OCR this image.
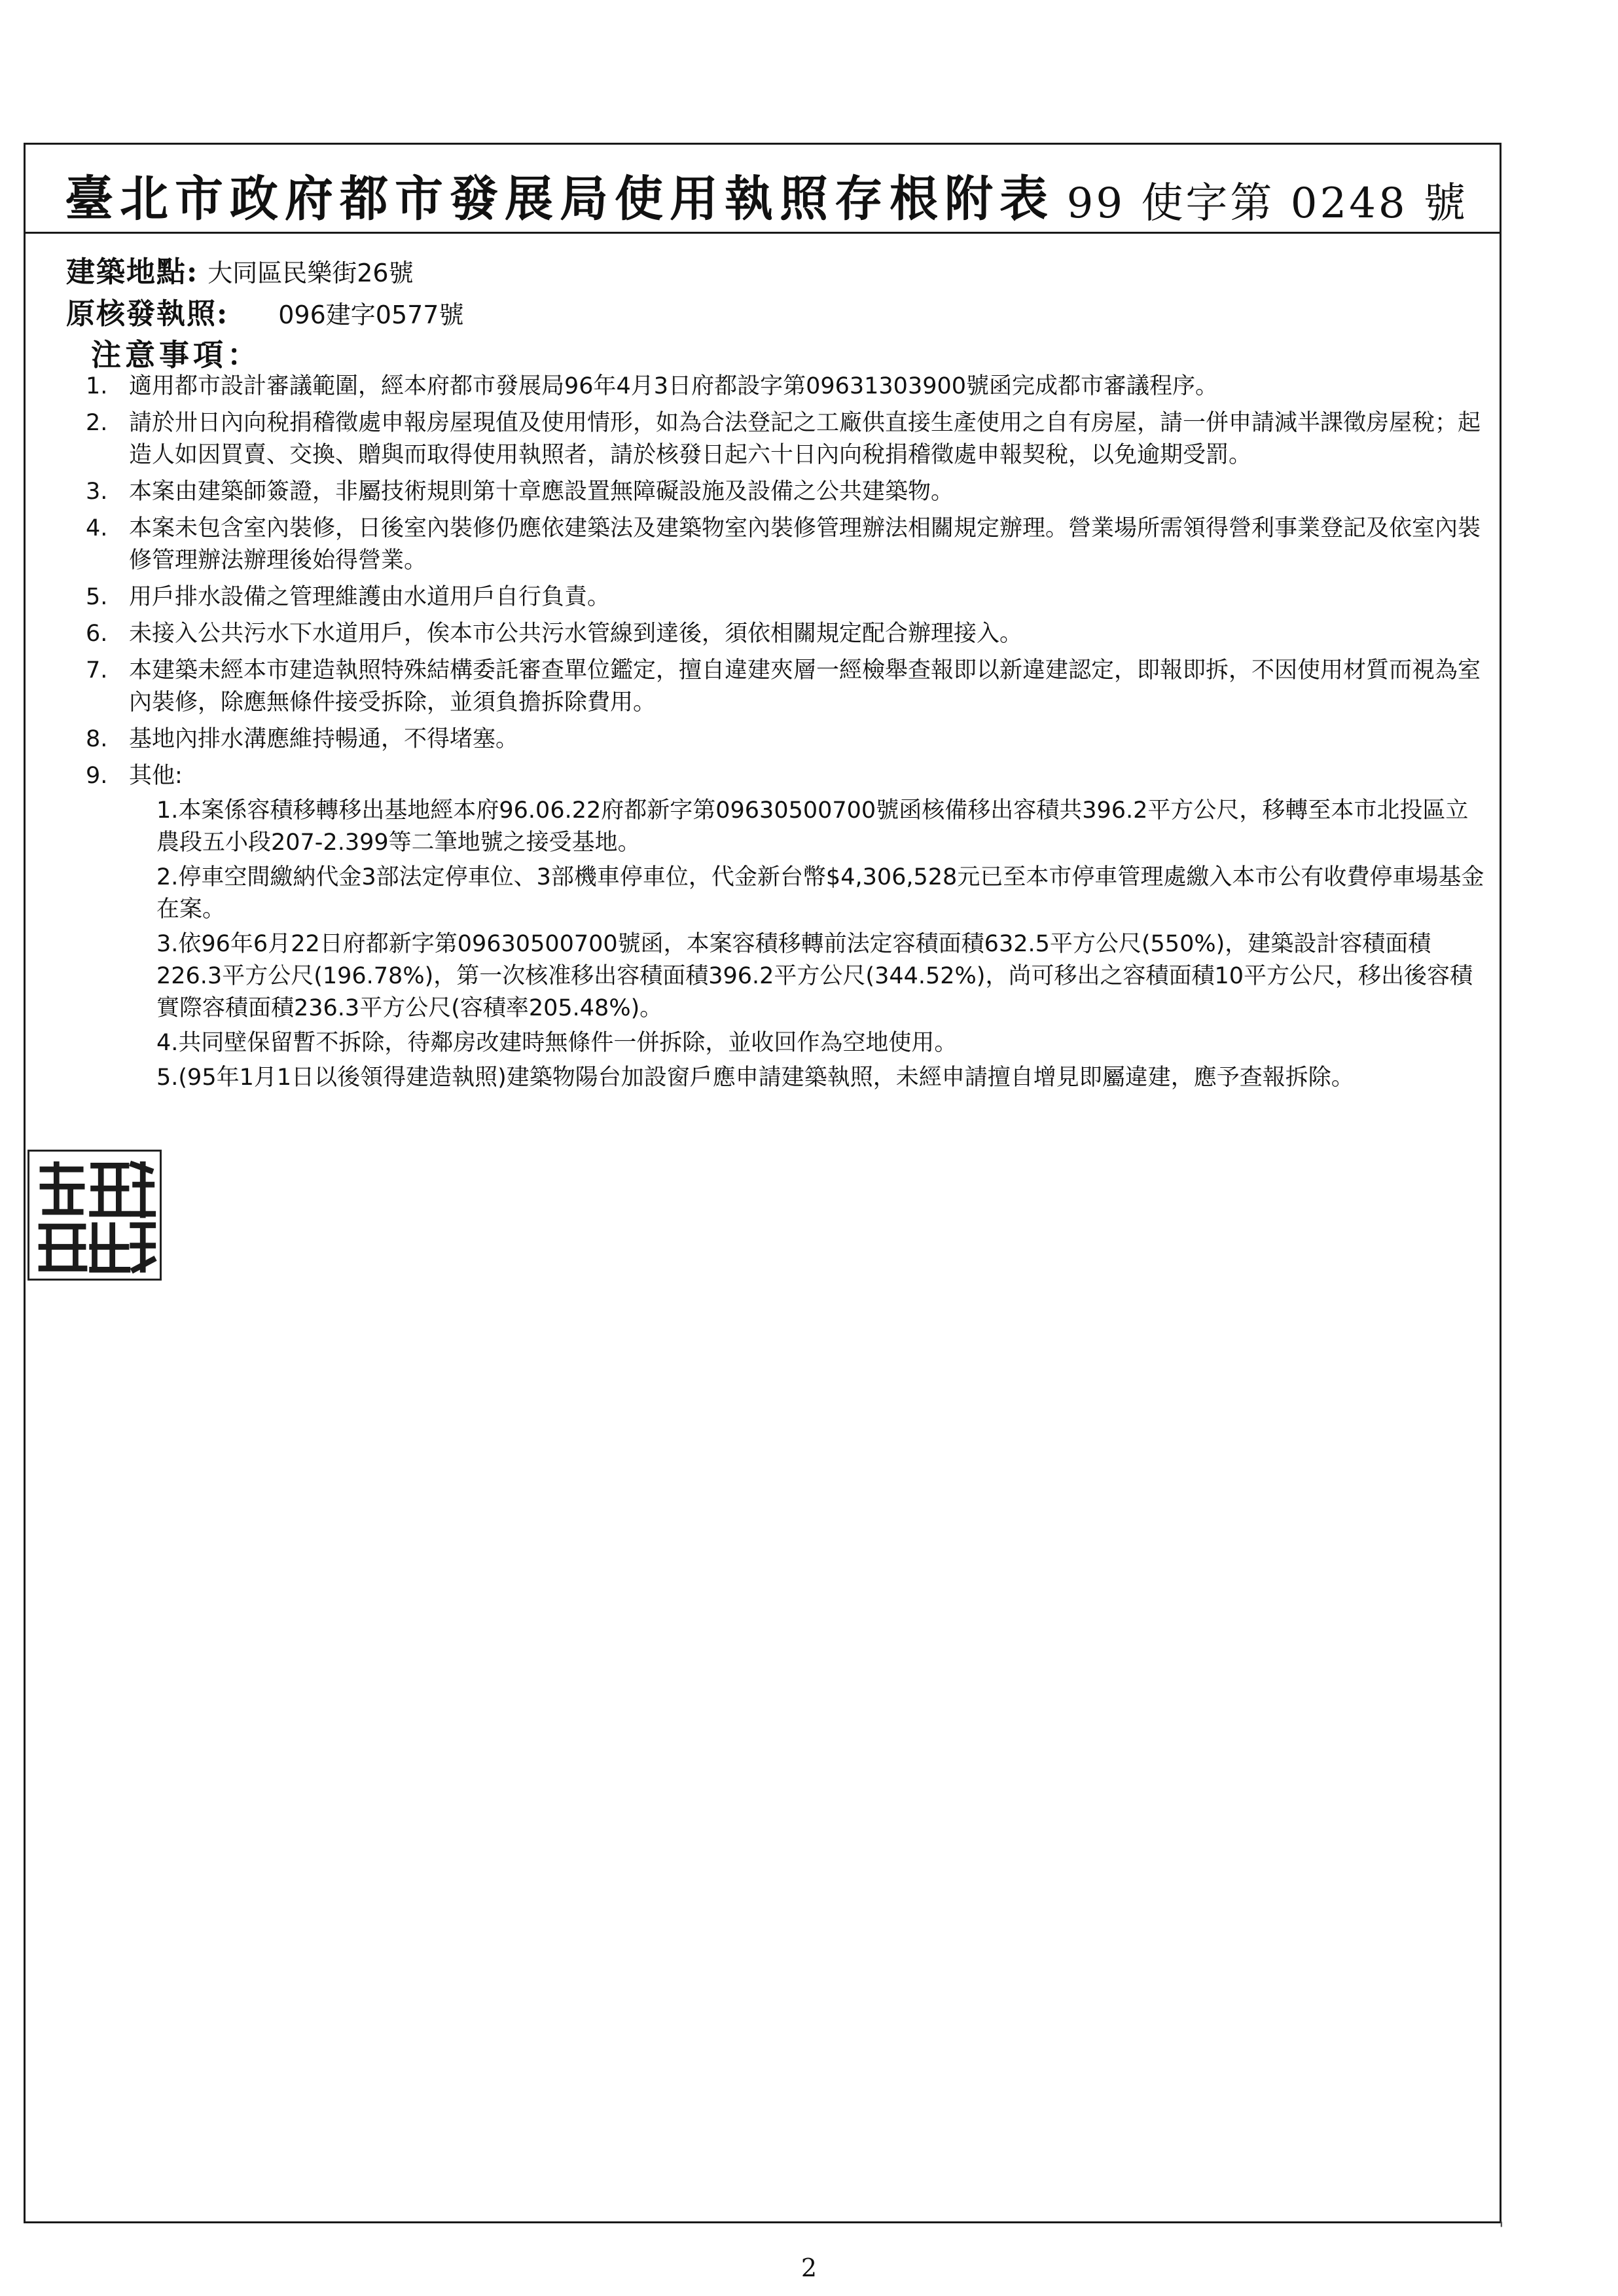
臺北市政府都市發展局使用執照存根附表 99 使字第 0248 號
建築地點: 大同區民樂街26號
原核發執照: 096建字0577號
注意事項：
1. 適用都市設計審議範圍，經本府都市發展局96年4月3日府都設字第09631303900號函完成都市審議程序。
2. 請於卅日內向稅捐稽徵處申報房屋現值及使用情形，如為合法登記之工廠供直接生產使用之自有房屋，請一併申請減半課徵房屋稅；起造人如因買賣、交換、贈與而取得使用執照者，請於核發日起六十日內向稅捐稽徵處申報契稅，以免逾期受罰。
3. 本案由建築師簽證，非屬技術規則第十章應設置無障礙設施及設備之公共建築物。
4. 本案未包含室內裝修，日後室內裝修仍應依建築法及建築物室內裝修管理辦法相關規定辦理。營業場所需領得營利事業登記及依室內裝修管理辦法辦理後始得營業。
5. 用戶排水設備之管理維護由水道用戶自行負責。
6. 未接入公共污水下水道用戶，俟本市公共污水管線到達後，須依相關規定配合辦理接入。
7. 本建築未經本市建造執照特殊結構委託審查單位鑑定，擅自違建夾層一經檢舉查報即以新違建認定，即報即拆，不因使用材質而視為室內裝修，除應無條件接受拆除，並須負擔拆除費用。
8. 基地內排水溝應維持暢通，不得堵塞。
9. 其他:
1.本案係容積移轉移出基地經本府96.06.22府都新字第09630500700號函核備移出容積共396.2平方公尺，移轉至本市北投區立農段五小段207-2.399等二筆地號之接受基地。
2.停車空間繳納代金3部法定停車位、3部機車停車位，代金新台幣$4,306,528元已至本市停車管理處繳入本市公有收費停車場基金在案。
3.依96年6月22日府都新字第09630500700號函，本案容積移轉前法定容積面積632.5平方公尺(550%)，建築設計容積面積226.3平方公尺(196.78%)，第一次核准移出容積面積396.2平方公尺(344.52%)，尚可移出之容積面積10平方公尺，移出後容積實際容積面積236.3平方公尺(容積率205.48%)。
4.共同壁保留暫不拆除，待鄰房改建時無條件一併拆除，並收回作為空地使用。
5.(95年1月1日以後領得建造執照)建築物陽台加設窗戶應申請建築執照，未經申請擅自增見即屬違建，應予查報拆除。
'
2
